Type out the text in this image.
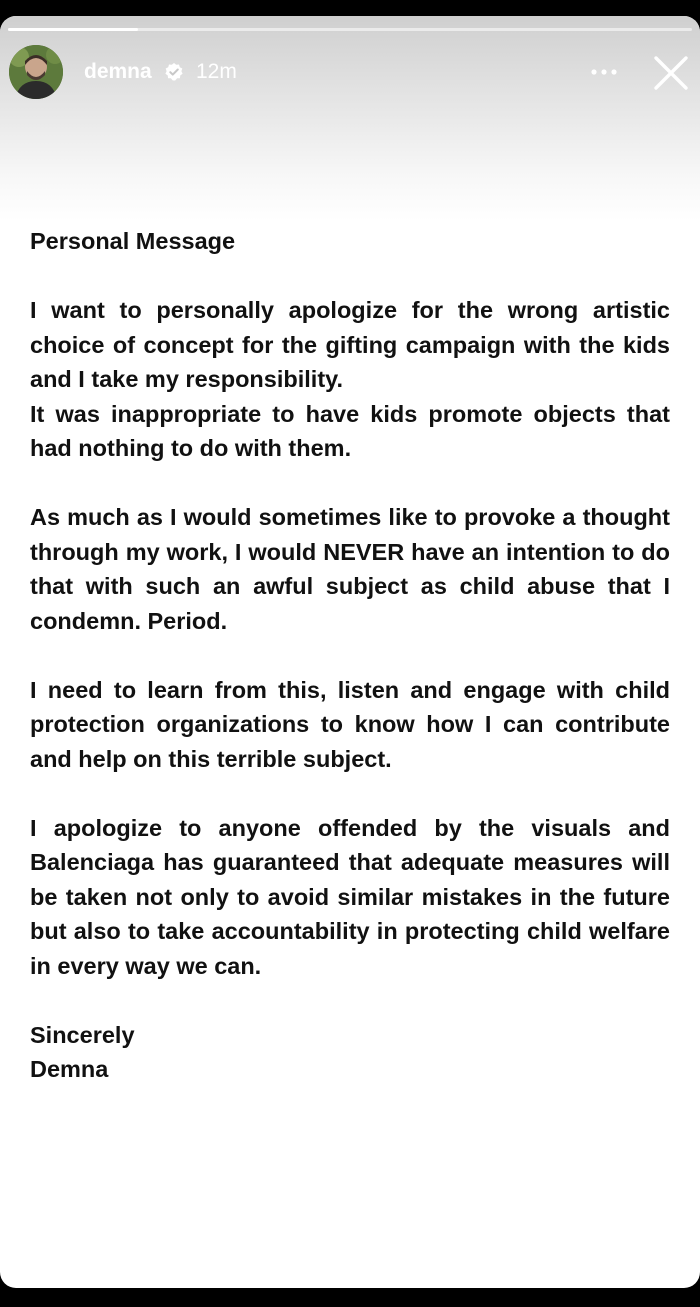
demna 12m

Personal Message

I want to personally apologize for the wrong artistic choice of concept for the gifting campaign with the kids and I take my responsibility.
It was inappropriate to have kids promote objects that had nothing to do with them.

As much as I would sometimes like to provoke a thought through my work, I would NEVER have an intention to do that with such an awful subject as child abuse that I condemn. Period.

I need to learn from this, listen and engage with child protection organizations to know how I can contribute and help on this terrible subject.

I apologize to anyone offended by the visuals and Balenciaga has guaranteed that adequate measures will be taken not only to avoid similar mistakes in the future but also to take accountability in protecting child welfare in every way we can.

Sincerely

Demna
